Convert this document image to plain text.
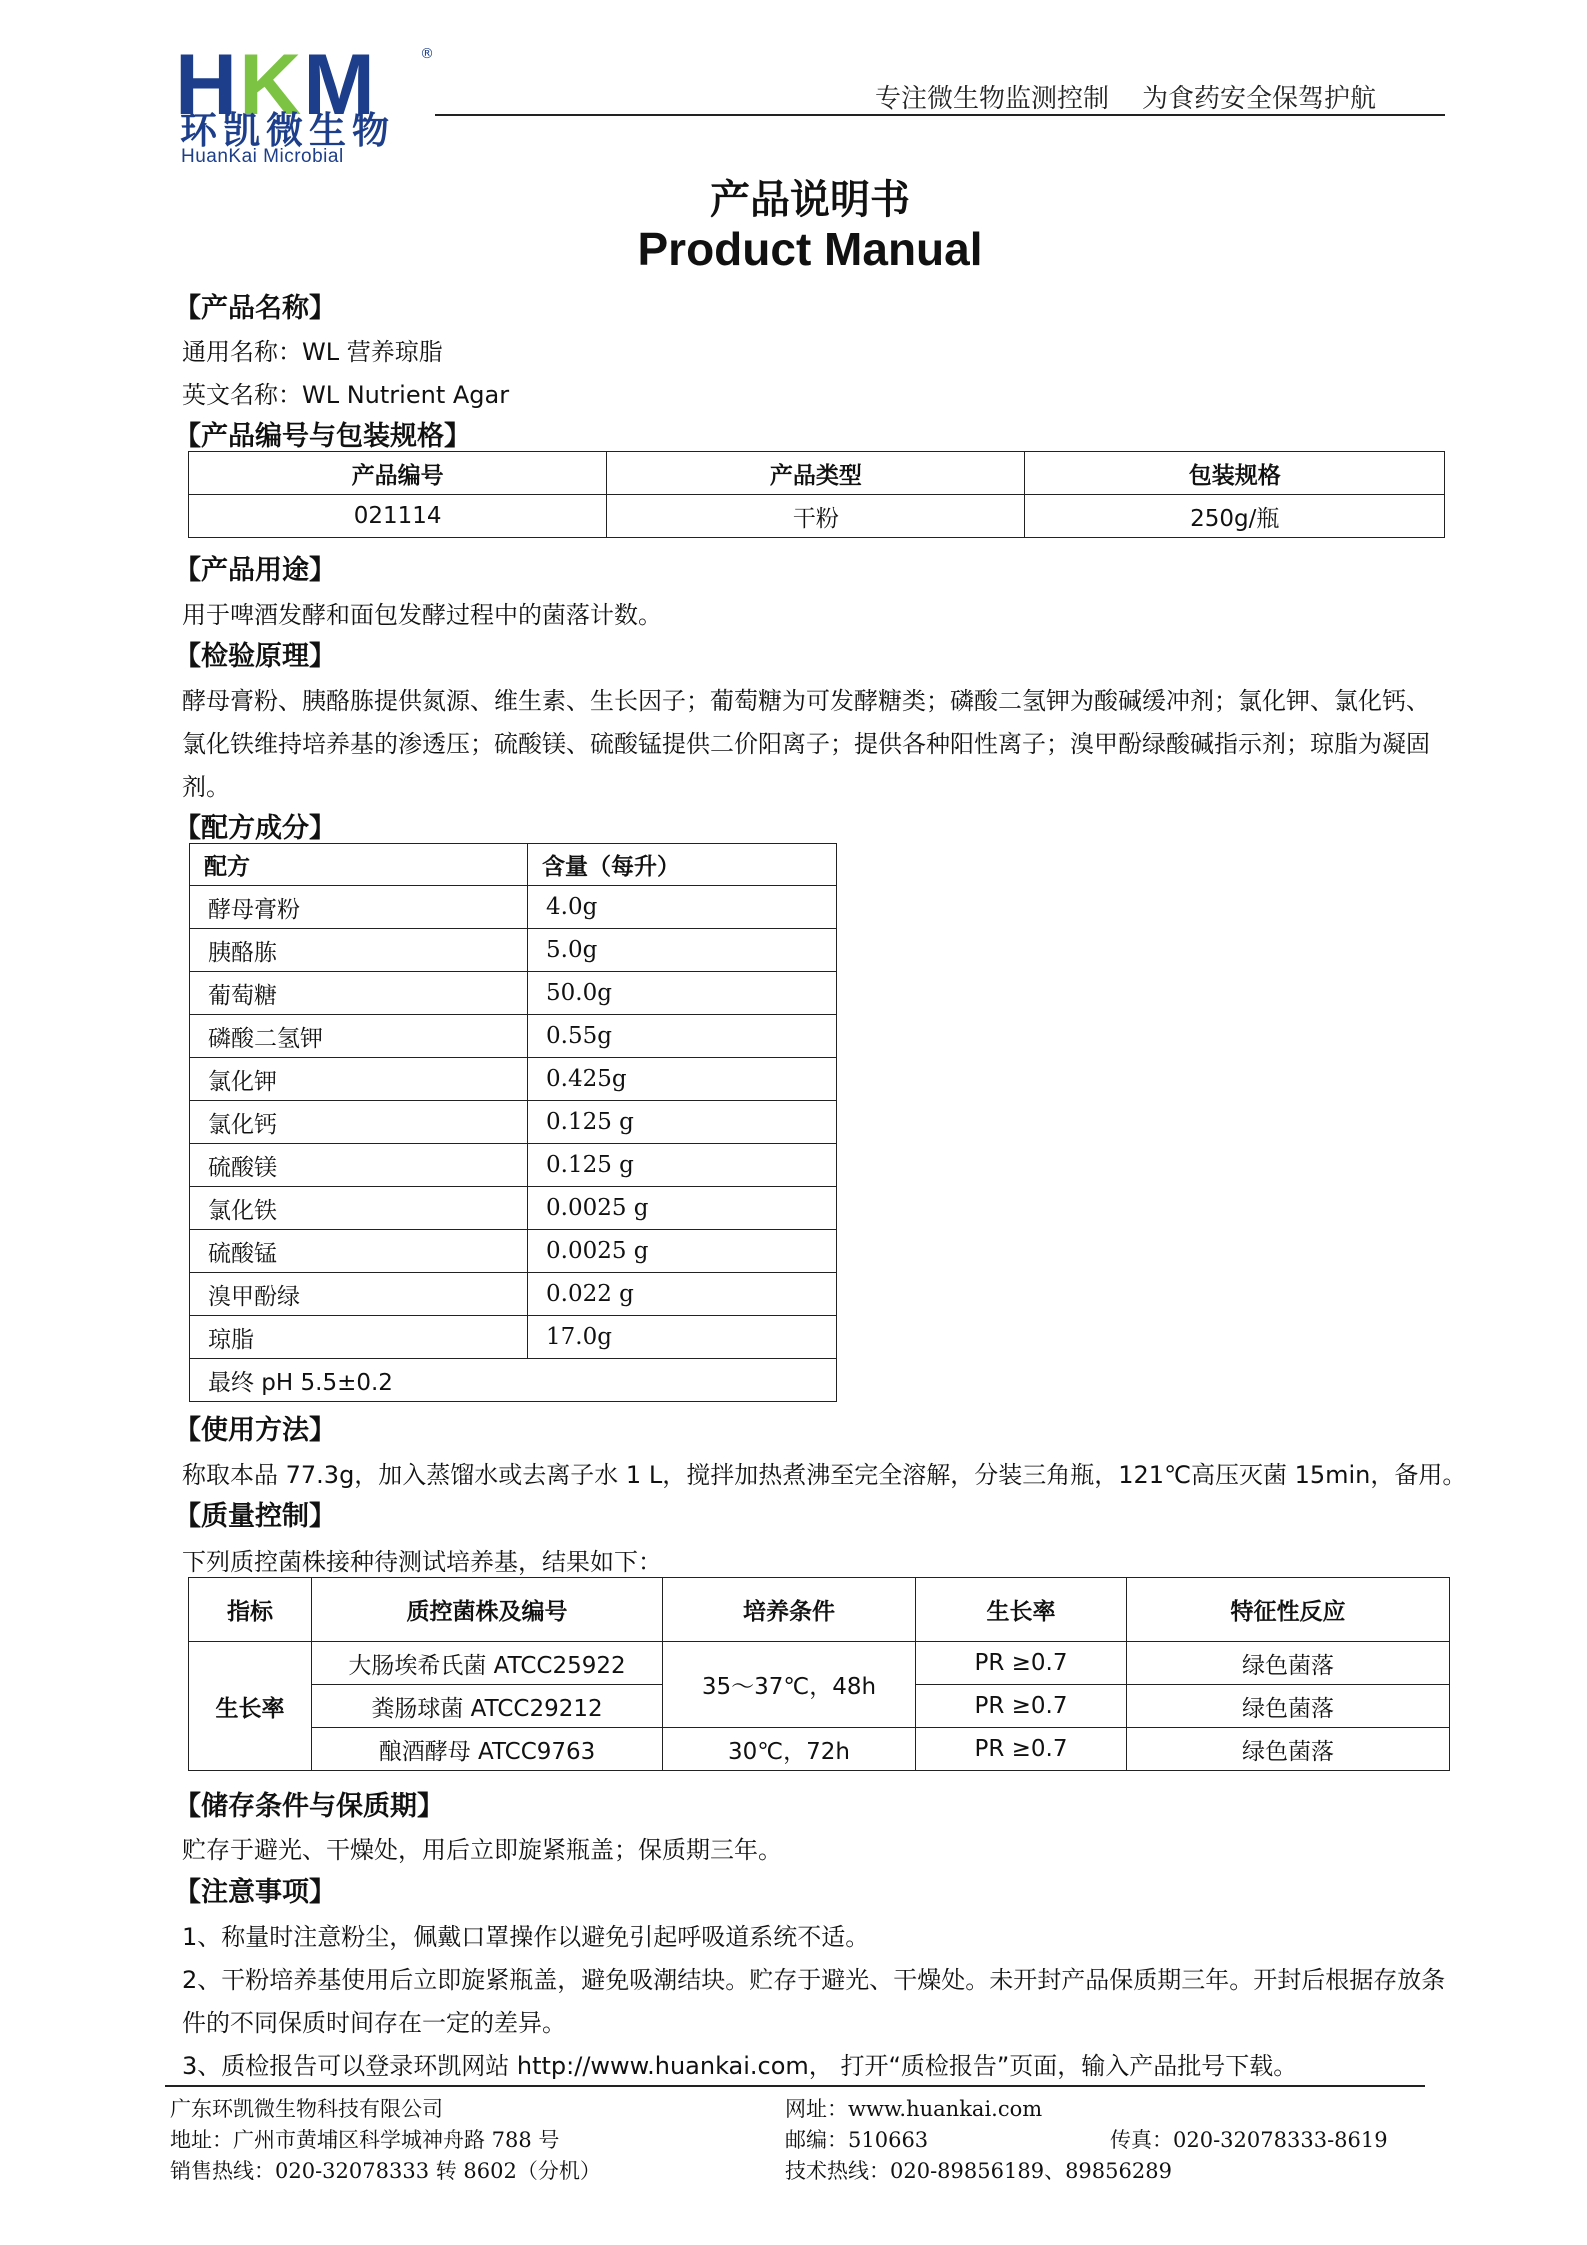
HKM	®
环凯微生物
HuanKai Microbial
专注微生物监测控制    为食药安全保驾护航
产品说明书
Product Manual
【产品名称】
通用名称：WL 营养琼脂
英文名称：WL Nutrient Agar
【产品编号与包装规格】
产品编号	产品类型	包装规格
021114	干粉	250g/瓶
【产品用途】
用于啤酒发酵和面包发酵过程中的菌落计数。
【检验原理】
酵母膏粉、胰酪胨提供氮源、维生素、生长因子；葡萄糖为可发酵糖类；磷酸二氢钾为酸碱缓冲剂；氯化钾、氯化钙、
氯化铁维持培养基的渗透压；硫酸镁、硫酸锰提供二价阳离子；提供各种阳性离子；溴甲酚绿酸碱指示剂；琼脂为凝固
剂。
【配方成分】
配方	含量（每升）
酵母膏粉	4.0g
胰酪胨	5.0g
葡萄糖	50.0g
磷酸二氢钾	0.55g
氯化钾	0.425g
氯化钙	0.125 g
硫酸镁	0.125 g
氯化铁	0.0025 g
硫酸锰	0.0025 g
溴甲酚绿	0.022 g
琼脂	17.0g
最终 pH 5.5±0.2	
【使用方法】
称取本品 77.3g，加入蒸馏水或去离子水 1 L，搅拌加热煮沸至完全溶解，分装三角瓶，121℃高压灭菌 15min，备用。
【质量控制】
下列质控菌株接种待测试培养基，结果如下：
指标	质控菌株及编号	培养条件	生长率	特征性反应
生长率	大肠埃希氏菌 ATCC25922	35～37℃，48h	PR ≥0.7	绿色菌落
	粪肠球菌 ATCC29212		PR ≥0.7	绿色菌落
	酿酒酵母 ATCC9763	30℃，72h	PR ≥0.7	绿色菌落
【储存条件与保质期】
贮存于避光、干燥处，用后立即旋紧瓶盖；保质期三年。
【注意事项】
1、称量时注意粉尘，佩戴口罩操作以避免引起呼吸道系统不适。
2、干粉培养基使用后立即旋紧瓶盖，避免吸潮结块。贮存于避光、干燥处。未开封产品保质期三年。开封后根据存放条
件的不同保质时间存在一定的差异。
3、质检报告可以登录环凯网站 http://www.huankai.com， 打开“质检报告”页面，输入产品批号下载。
广东环凯微生物科技有限公司
地址：广州市黄埔区科学城神舟路 788 号
销售热线：020-32078333 转 8602（分机）
网址：www.huankai.com
邮编：510663	传真：020-32078333-8619
技术热线：020-89856189、89856289
